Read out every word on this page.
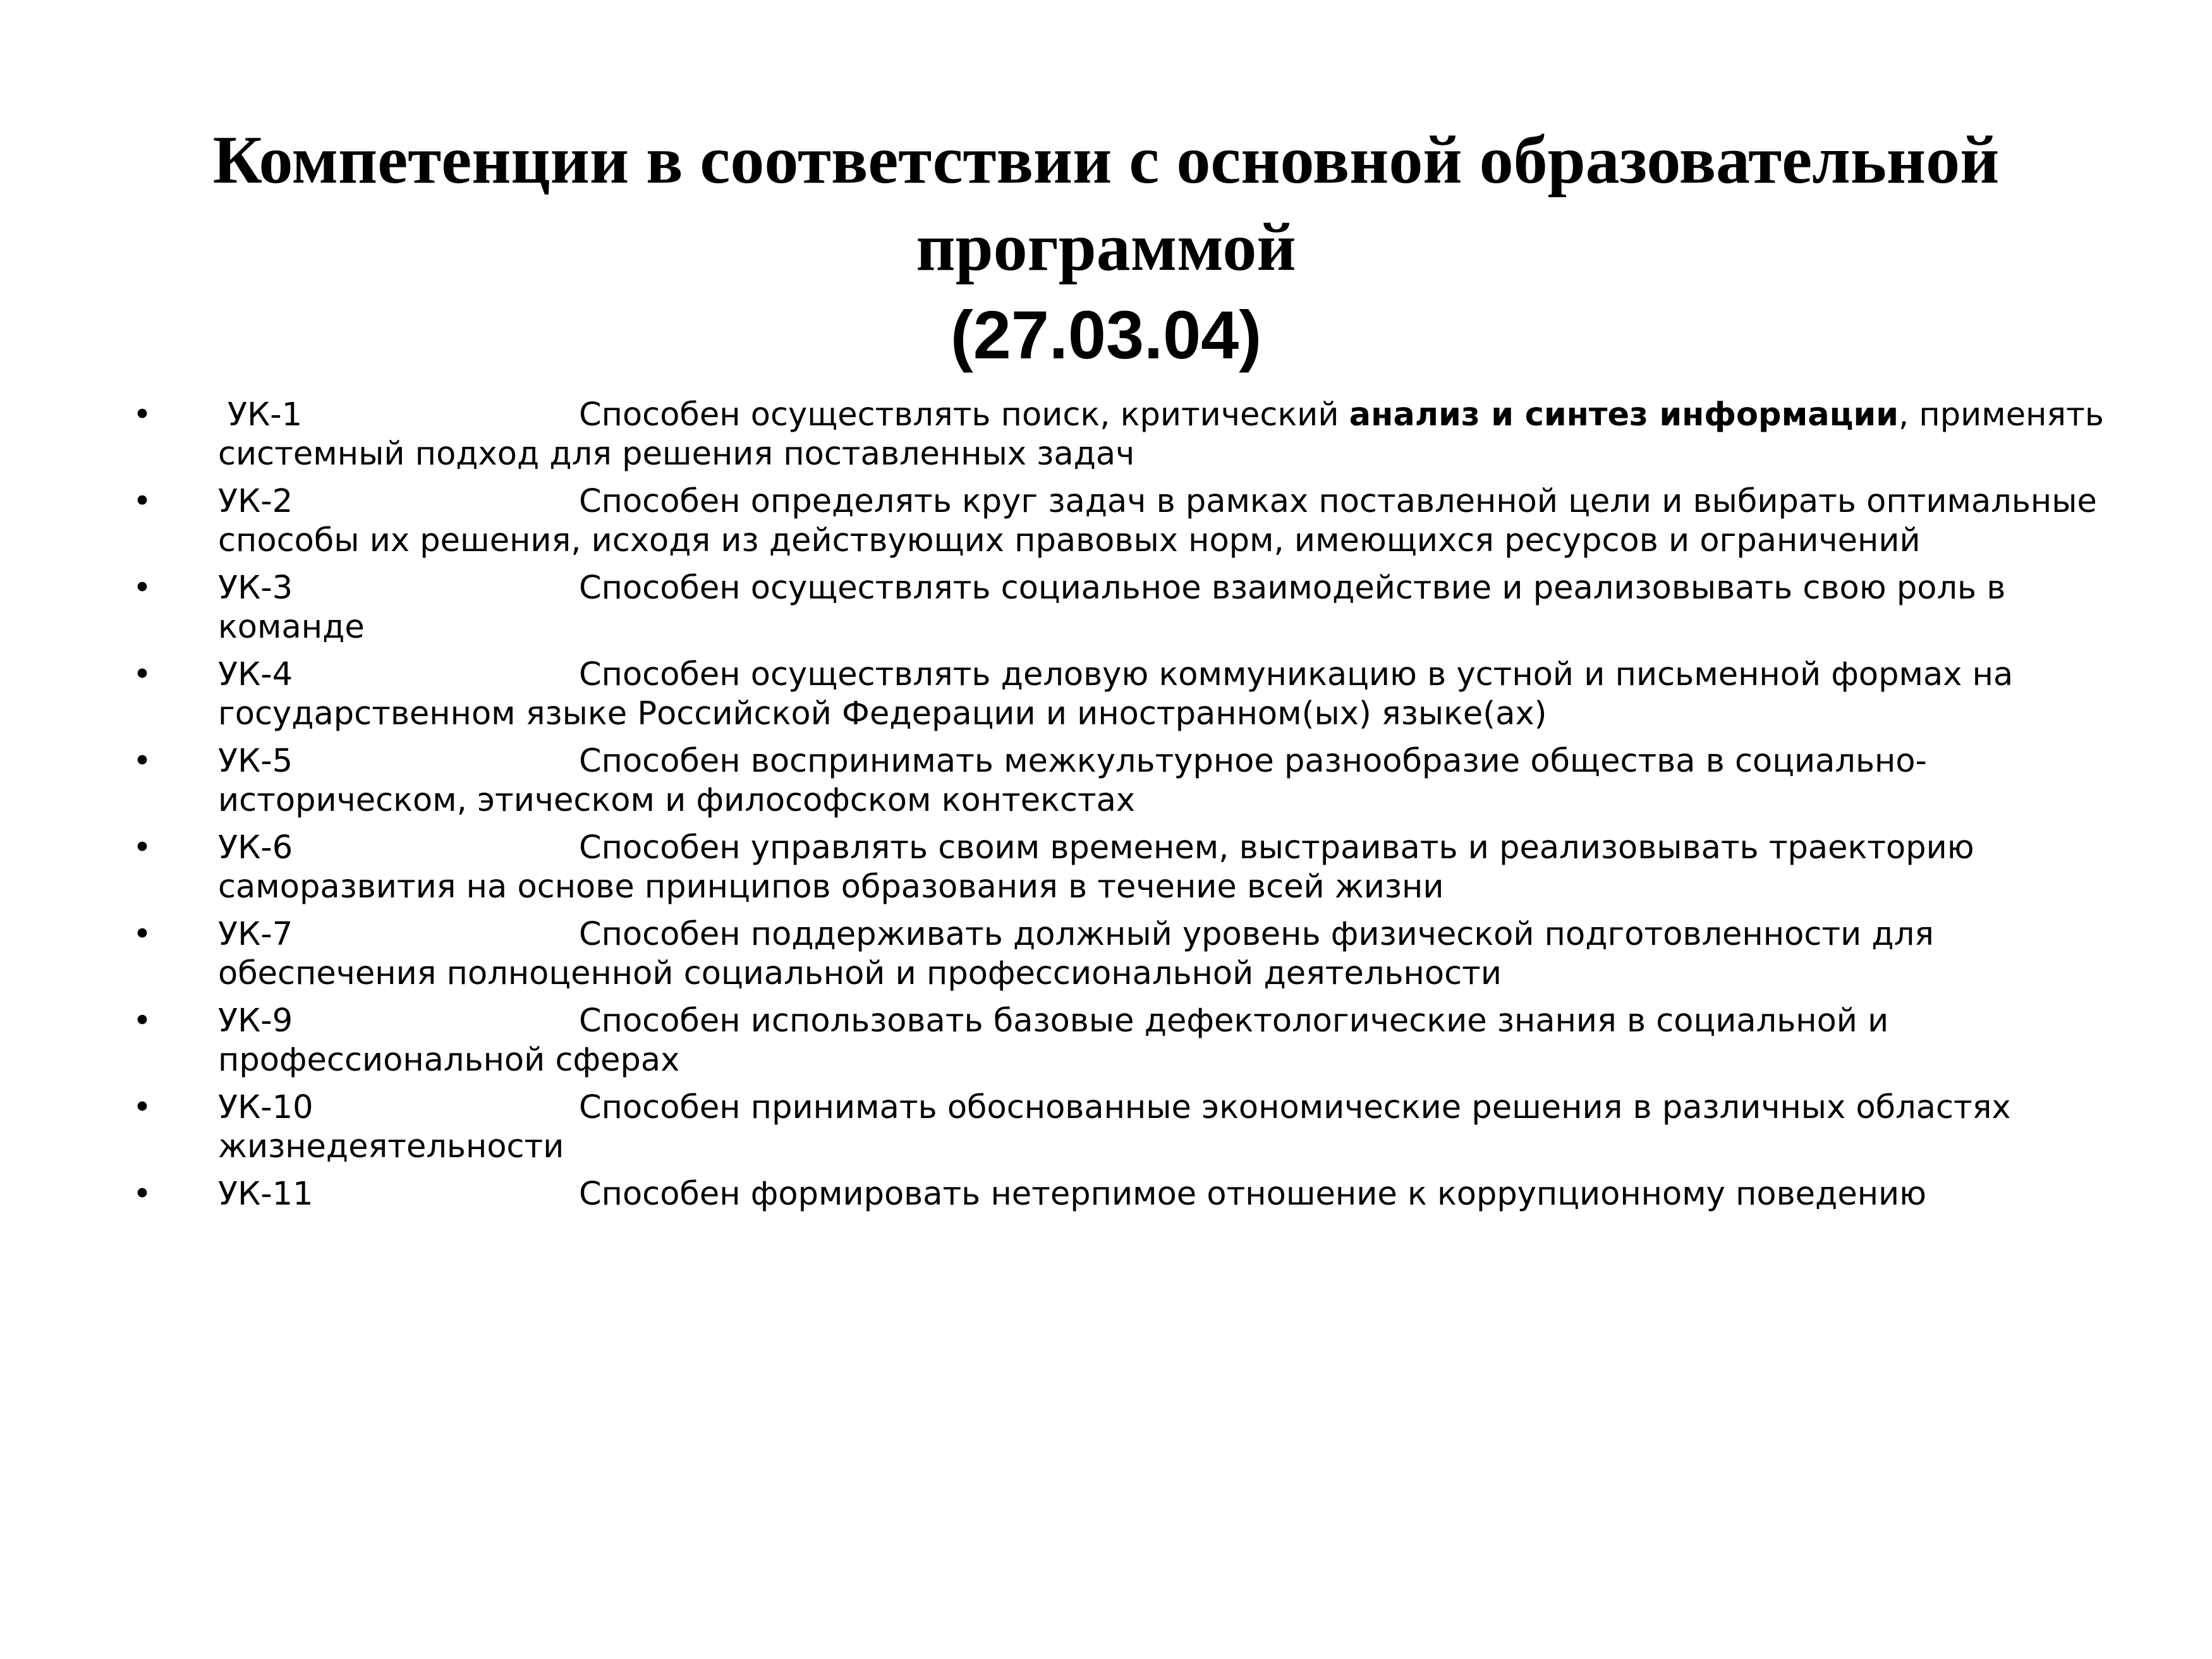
Компетенции в соответствии с основной образовательной программой
(27.03.04)
• УК-1	Способен осуществлять поиск, критический анализ и синтез информации, применять системный подход для решения поставленных задач
• УК-2	Способен определять круг задач в рамках поставленной цели и выбирать оптимальные способы их решения, исходя из действующих правовых норм, имеющихся ресурсов и ограничений
• УК-3	Способен осуществлять социальное взаимодействие и реализовывать свою роль в команде
• УК-4	Способен осуществлять деловую коммуникацию в устной и письменной формах на государственном языке Российской Федерации и иностранном(ых) языке(ах)
• УК-5	Способен воспринимать межкультурное разнообразие общества в социально-историческом, этическом и философском контекстах
• УК-6	Способен управлять своим временем, выстраивать и реализовывать траекторию саморазвития на основе принципов образования в течение всей жизни
• УК-7	Способен поддерживать должный уровень физической подготовленности для обеспечения полноценной социальной и профессиональной деятельности
• УК-9	Способен использовать базовые дефектологические знания в социальной и профессиональной сферах
• УК-10	Способен принимать обоснованные экономические решения в различных областях жизнедеятельности
• УК-11	Способен формировать нетерпимое отношение к коррупционному поведению
